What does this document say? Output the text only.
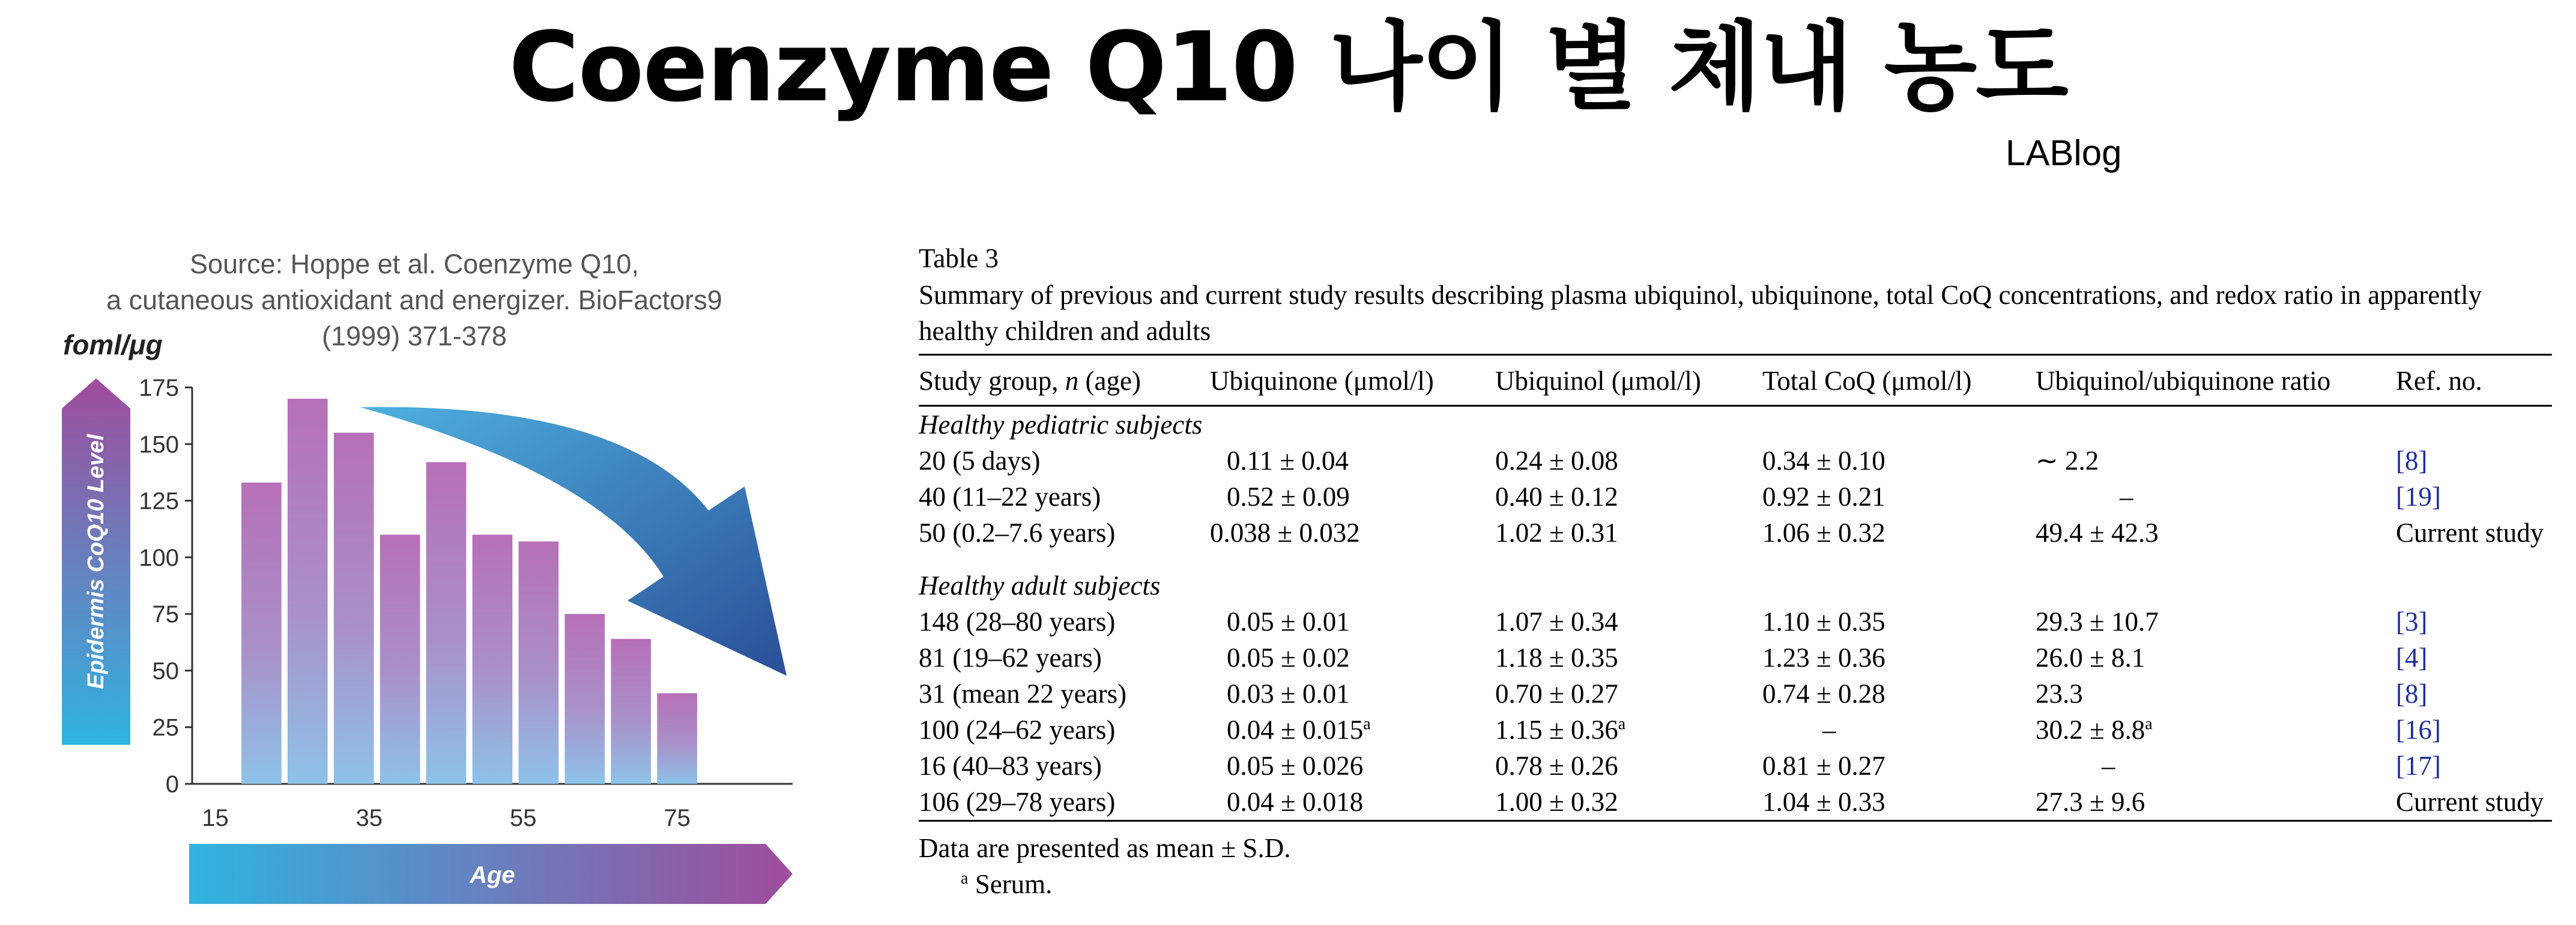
Coenzyme Q10 나이 별 체내 농도
LABlog
Source: Hoppe et al. Coenzyme Q10,
a cutaneous antioxidant and energizer. BioFactors9
(1999) 371-378
foml/μg
Epidermis CoQ10 Level
0
25
50
75
100
125
150
175
15	35	55	75
Age

Table 3

Summary of previous and current study results describing plasma ubiquinol, ubiquinone, total CoQ concentrations, and redox ratio in apparently healthy children and adults

Study group, n (age)	Ubiquinone (μmol/l)	Ubiquinol (μmol/l)	Total CoQ (μmol/l)	Ubiquinol/ubiquinone ratio	Ref. no.
Healthy pediatric subjects					
20 (5 days)	0.11 ± 0.04	0.24 ± 0.08	0.34 ± 0.10	∼ 2.2	[8]
40 (11–22 years)	0.52 ± 0.09	0.40 ± 0.12	0.92 ± 0.21	–	[19]
50 (0.2–7.6 years)	0.038 ± 0.032	1.02 ± 0.31	1.06 ± 0.32	49.4 ± 42.3	Current study

Healthy adult subjects					
148 (28–80 years)	0.05 ± 0.01	1.07 ± 0.34	1.10 ± 0.35	29.3 ± 10.7	[3]
81 (19–62 years)	0.05 ± 0.02	1.18 ± 0.35	1.23 ± 0.36	26.0 ± 8.1	[4]
31 (mean 22 years)	0.03 ± 0.01	0.70 ± 0.27	0.74 ± 0.28	23.3	[8]
100 (24–62 years)	0.04 ± 0.015$^a$	1.15 ± 0.36$^a$	–	30.2 ± 8.8$^a$	[16]
16 (40–83 years)	0.05 ± 0.026	0.78 ± 0.26	0.81 ± 0.27	–	[17]
106 (29–78 years)	0.04 ± 0.018	1.00 ± 0.32	1.04 ± 0.33	27.3 ± 9.6	Current study

Data are presented as mean ± S.D.

$^a$ Serum.
